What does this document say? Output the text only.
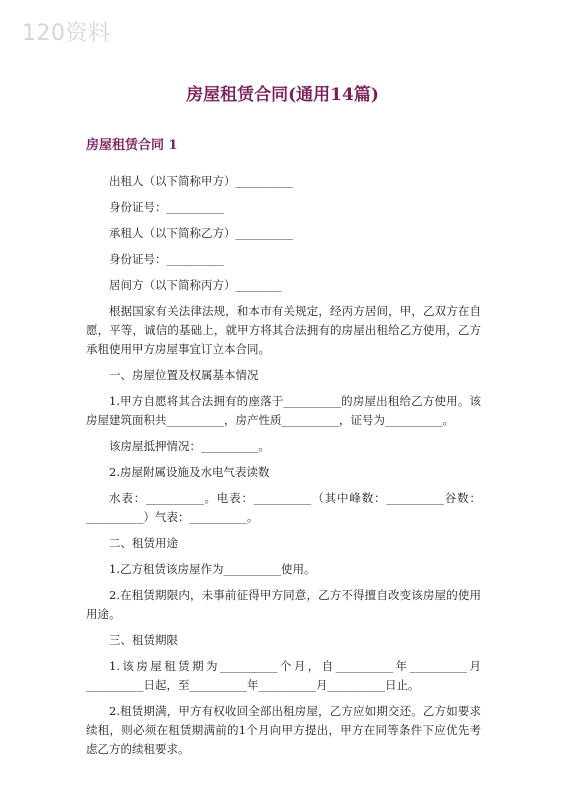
120资料
房屋租赁合同(通用14篇)
房屋租赁合同 1

出租人（以下简称甲方）__________

身份证号：__________

承租人（以下简称乙方）__________

身份证号：__________

居间方（以下简称丙方）________

根据国家有关法律法规，和本市有关规定，经丙方居间，甲，乙双方在自愿，平等，诚信的基础上，就甲方将其合法拥有的房屋出租给乙方使用，乙方承租使用甲方房屋事宜订立本合同。

一、房屋位置及权属基本情况

1.甲方自愿将其合法拥有的座落于__________的房屋出租给乙方使用。该房屋建筑面积共__________，房产性质__________，证号为__________。

该房屋抵押情况：__________。

2.房屋附属设施及水电气表读数

水表：__________。电表：__________（其中峰数：__________谷数：__________）气表：__________。

二、租赁用途

1.乙方租赁该房屋作为__________使用。

2.在租赁期限内，未事前征得甲方同意，乙方不得擅自改变该房屋的使用用途。

三、租赁期限

1.该房屋租赁期为__________个月，自__________年__________月__________日起，至__________年__________月__________日止。

2.租赁期满，甲方有权收回全部出租房屋，乙方应如期交还。乙方如要求续租，则必须在租赁期满前的1个月向甲方提出，甲方在同等条件下应优先考虑乙方的续租要求。
